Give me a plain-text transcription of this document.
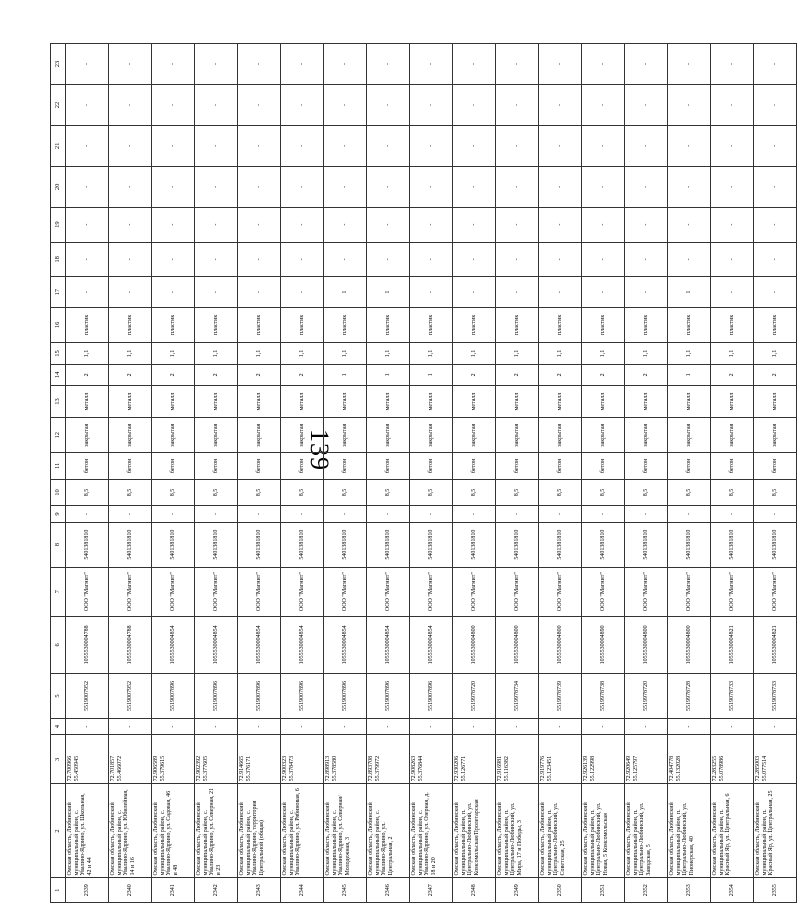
139
1	2	3	4	5	6	7	8	9	10	11	12	13	14	15	16	17	18	19	20	21	22	23
2339	Омская область, Любинский муниципальный район, с. Увалино-Ядрино, ул. Школьная, 42 и 44	72.700966 55.450945	-	5519007952	1055530004788	ООО "Магнит"	5401381810	-	8,5	бетон	закрытая	металл	2	1,1	пластик	-	-	-	-	-	-	-
2340	Омская область, Любинский муниципальный район, с. Увалино-Ядрино, ул. Юбилейная, 14 и 16	72.701857 55.466072	-	5519007952	1055530004788	ООО "Магнит"	5401381810	-	8,5	бетон	закрытая	металл	2	1,1	пластик	-	-	-	-	-	-	-
2341	Омская область, Любинский муниципальный район, с. Увалино-Ядрино, ул. Садовая, 46 и 48	72.906589 55.379615	-	5519007896	1055530004854	ООО "Магнит"	5401381810	-	8,5	бетон	закрытая	металл	2	1,1	пластик	-	-	-	-	-	-	-
2342	Омская область, Любинский муниципальный район, с. Увалино-Ядрино, ул. Северная, 21 и 23	72.902392 55.377605	-	5519007896	1055530004854	ООО "Магнит"	5401381810	-	8,5	бетон	закрытая	металл	2	1,1	пластик	-	-	-	-	-	-	-
2343	Омская область, Любинский муниципальный район, с. Увалино-Ядрино, территория Центральной (общая)	72.914665 55.376171	-	5519007896	1055530004854	ООО "Магнит"	5401381810	-	8,5	бетон	закрытая	металл	2	1,1	пластик	-	-	-	-	-	-	-
2344	Омская область, Любинский муниципальный район, с. Увалино-Ядрино, ул. Рябиновая, 6	72.900323 55.378473	-	5519007896	1055530004854	ООО "Магнит"	5401381810	-	8,5	бетон	закрытая	металл	2	1,1	пластик	-	-	-	-	-	-	-
2345	Омская область, Любинский муниципальный район, с. Увалино-Ядрино, ул. Северная/Молодежная, 3	72.898913 55.378580	-	5519007896	1055530004854	ООО "Магнит"	5401381810	-	8,5	бетон	закрытая	металл	1	1,1	пластик	1	-	-	-	-	-	-
2346	Омская область, Любинский муниципальный район, с. Увалино-Ядрино, ул. Центральная, 2	72.893708 55.379972	-	5519007896	1055530004854	ООО "Магнит"	5401381810	-	8,5	бетон	закрытая	металл	1	1,1	пластик	1	-	-	-	-	-	-
2347	Омская область, Любинский муниципальный район, с. Увалино-Ядрино, ул. Озерная, д. 18 и 20	72.908263 55.376844	-	5519007896	1055530004854	ООО "Магнит"	5401381810	-	8,5	бетон	закрытая	металл	1	1,1	пластик	-	-	-	-	-	-	-
2348	Омская область, Любинский муниципальный район, п. Центрально-Любинский, ул. Комсомольская/Пролетарская	72.930206 55.126771	-	5519978720	1055530004800	ООО "Магнит"	5401381810	-	8,5	бетон	закрытая	металл	2	1,1	пластик	-	-	-	-	-	-	-
2349	Омская область, Любинский муниципальный район, п. Центрально-Любинский, ул. Мира, 17 и Победы, 3	72.916981 55.116382	-	5519978734	1055530004800	ООО "Магнит"	5401381810	-	8,5	бетон	закрытая	металл	2	1,1	пластик	-	-	-	-	-	-	-
2350	Омская область, Любинский муниципальный район, п. Центрально-Любинский, ул. Советская, 25	72.919776 55.123451	-	5519978739	1055530004800	ООО "Магнит"	5401381810	-	8,5	бетон	закрытая	металл	2	1,1	пластик	-	-	-	-	-	-	-
2351	Омская область, Любинский муниципальный район, п. Центрально-Любинский, ул. Новая, 5 Комсомольская	72.926139 55.122998	-	5519978738	1055530004890	ООО "Магнит"	5401381810	-	8,5	бетон	закрытая	металл	2	1,1	пластик	-	-	-	-	-	-	-
2352	Омская область, Любинский муниципальный район, п. Центрально-Любинский, ул. Заводская, 5	72.920649 55.125797	-	5519978720	1055530004800	ООО "Магнит"	5401381810	-	8,5	бетон	закрытая	металл	2	1,1	пластик	-	-	-	-	-	-	-
2353	Омская область, Любинский муниципальный район, п. Центрально-Любинский, ул. Пионерская, 40	72.404778 55.132028	-	5519978728	1055530004800	ООО "Магнит"	5401381810	-	8,5	бетон	закрытая	металл	1	1,1	пластик	1	-	-	-	-	-	-
2354	Омская область, Любинский муниципальный район, п. Красный Яр, ул. Центральная, 6	72.283255 55.078986	-	5519078733	1055530004821	ООО "Магнит"	5401381810	-	8,5	бетон	закрытая	металл	2	1,1	пластик	-	-	-	-	-	-	-
2355	Омская область, Любинский муниципальный район, п. Красный Яр, ул. Центральная, 25	72.285003 55.077514	-	5519078733	1055530004821	ООО "Магнит"	5401381810	-	8,5	бетон	закрытая	металл	2	1,1	пластик	-	-	-	-	-	-	-
